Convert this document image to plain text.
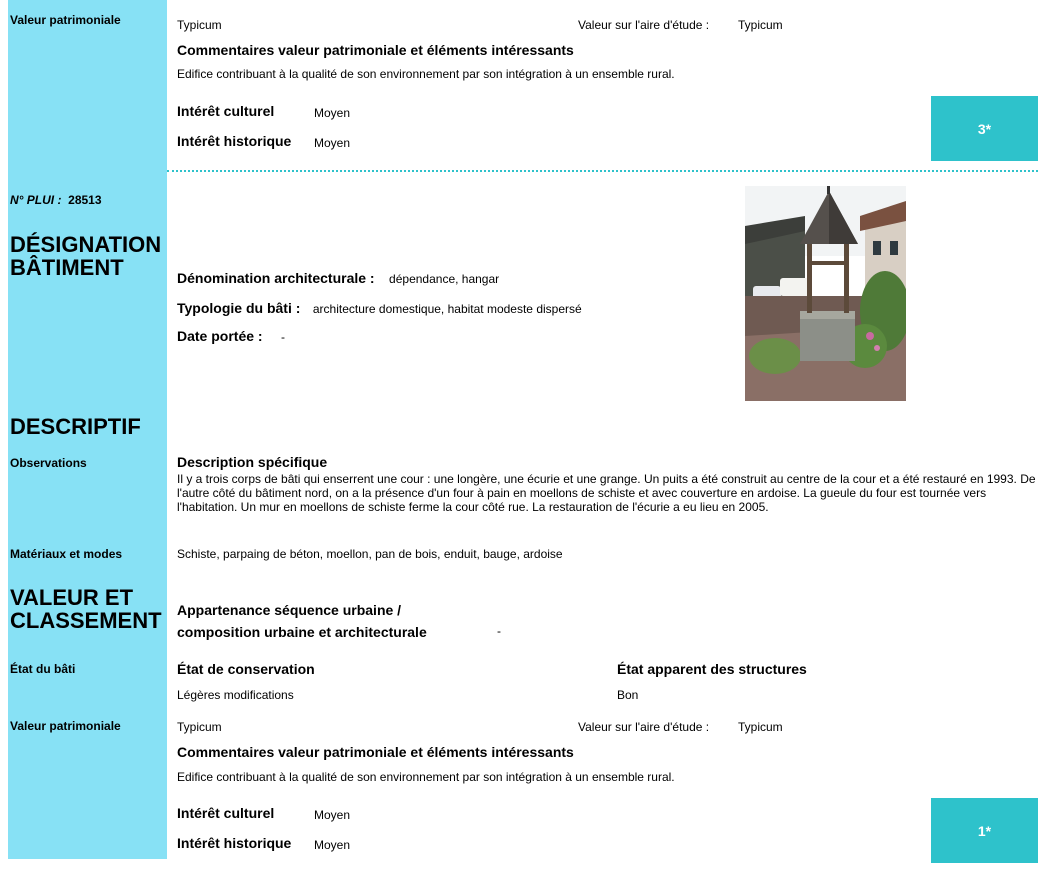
Valeur patrimoniale	Typicum	Valeur sur l'aire d'étude : Typicum
Commentaires valeur patrimoniale et éléments intéressants
Edifice contribuant à la qualité de son environnement par son intégration à un ensemble rural.
Intérêt culturel	Moyen
Intérêt historique Moyen
3*
N° PLUI : 28513
DÉSIGNATION BÂTIMENT	Dénomination architecturale : dépendance, hangar
Typologie du bâti : architecture domestique, habitat modeste dispersé
Date portée : -
DESCRIPTIF
Observations	Description spécifique
Il y a trois corps de bâti qui enserrent une cour : une longère, une écurie et une grange. Un puits a été construit au centre de la cour et a été restauré en 1993. De l'autre côté du bâtiment nord, on a la présence d'un four à pain en moellons de schiste et avec couverture en ardoise. La gueule du four est tournée vers l'habitation. Un mur en moellons de schiste ferme la cour côté rue. La restauration de l'écurie a eu lieu en 2005.
Matériaux et modes	Schiste, parpaing de béton, moellon, pan de bois, enduit, bauge, ardoise
VALEUR ET CLASSEMENT Appartenance séquence urbaine /
composition urbaine et architecturale	-
État du bâti	État de conservation
Légères modifications
État apparent des structures
Bon
Valeur patrimoniale	Typicum	Valeur sur l'aire d'étude : Typicum
Commentaires valeur patrimoniale et éléments intéressants
Edifice contribuant à la qualité de son environnement par son intégration à un ensemble rural.
Intérêt culturel	Moyen
Intérêt historique Moyen
1*
